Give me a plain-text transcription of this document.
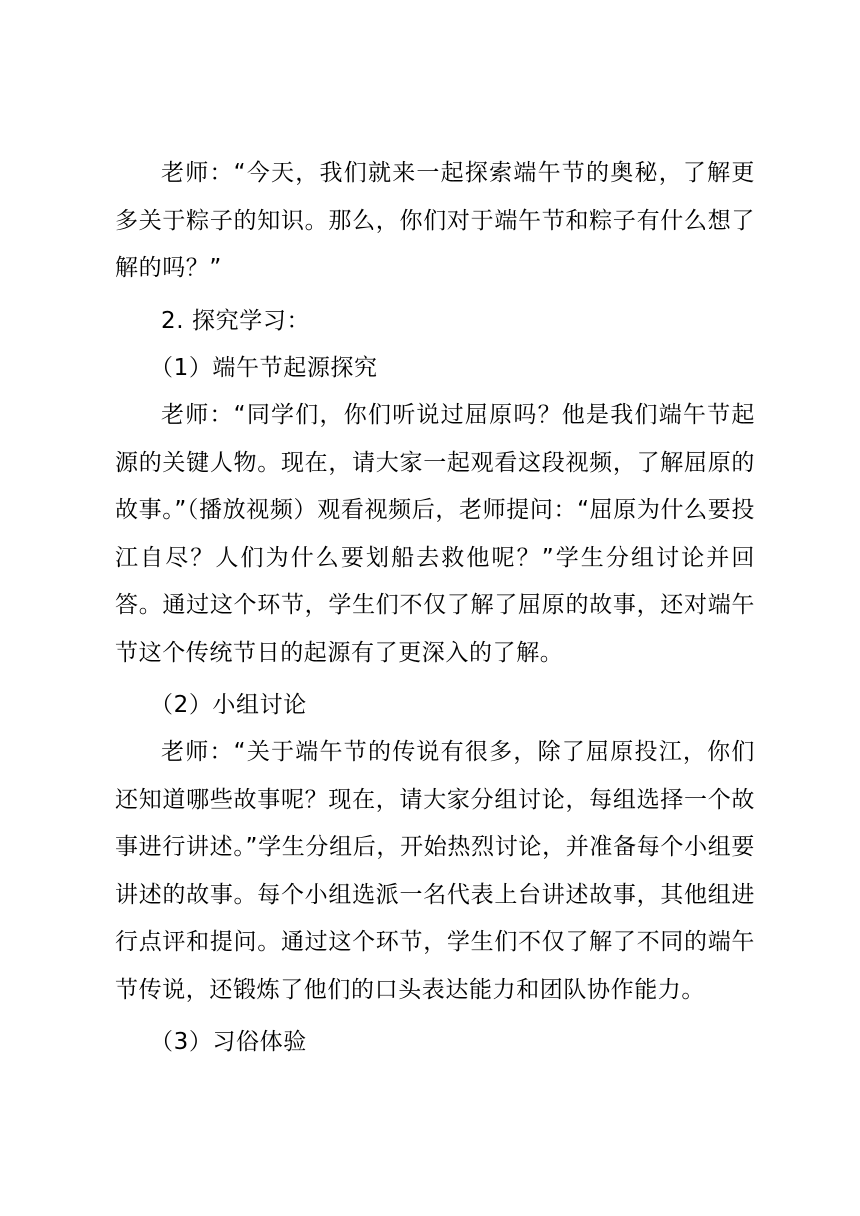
老师：“今天，我们就来一起探索端午节的奥秘，了解更多关于粽子的知识。那么，你们对于端午节和粽子有什么想了解的吗？”

2. 探究学习：
（1）端午节起源探究

老师：“同学们，你们听说过屈原吗？他是我们端午节起源的关键人物。现在，请大家一起观看这段视频，了解屈原的故事。”（播放视频）观看视频后，老师提问：“屈原为什么要投江自尽？人们为什么要划船去救他呢？”学生分组讨论并回答。通过这个环节，学生们不仅了解了屈原的故事，还对端午节这个传统节日的起源有了更深入的了解。

（2）小组讨论

老师：“关于端午节的传说有很多，除了屈原投江，你们还知道哪些故事呢？现在，请大家分组讨论，每组选择一个故事进行讲述。”学生分组后，开始热烈讨论，并准备每个小组要讲述的故事。每个小组选派一名代表上台讲述故事，其他组进行点评和提问。通过这个环节，学生们不仅了解了不同的端午节传说，还锻炼了他们的口头表达能力和团队协作能力。

（3）习俗体验
